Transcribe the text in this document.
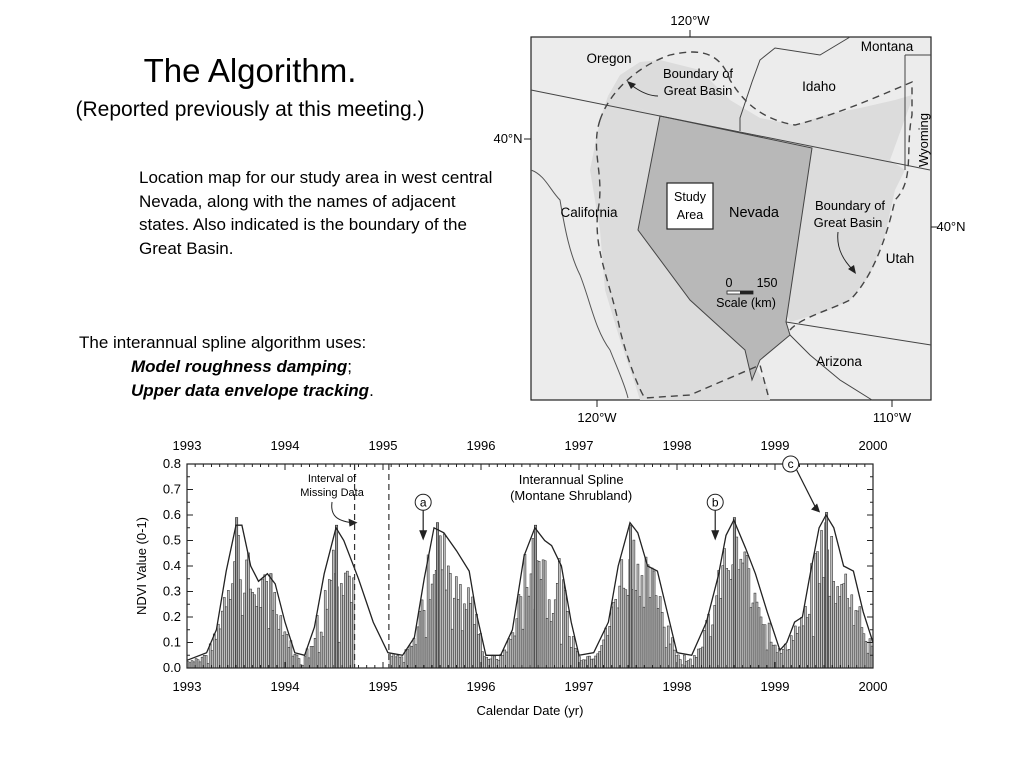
The Algorithm.
(Reported previously at this meeting.)
Location map for our study area in west central Nevada, along with the names of adjacent states. Also indicated is the boundary of the Great Basin.
The interannual spline algorithm uses:
Model roughness damping;
Upper data envelope tracking.
Study
Area
Oregon
Idaho
Montana
Wyoming
California	Nevada
Utah
Arizona
Boundary of
Great Basin
Boundary of
Great Basin
0 150
Scale (km)
120°W
120°W	110°W
40°N
40°N
1993
1993
1994
1994
1995
1995
1996
1996
1997
1997
1998
1998
1999
1999
2000
2000
0.0
0.1
0.2
0.3
0.4
0.5
0.6
0.7
0.8
Calendar Date (yr)
NDVI Value (0-1)
Interannual Spline
(Montane Shrubland)
Interval of
Missing Data
a	b
c
